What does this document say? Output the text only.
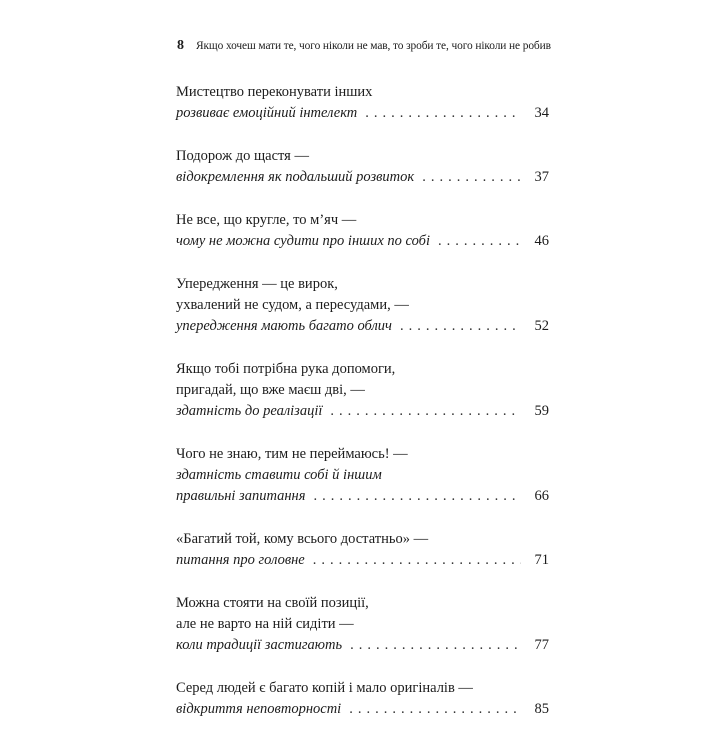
8 Якщо хочеш мати те, чого ніколи не мав, то зроби те, чого ніколи не робив
Мистецтво переконувати інших
розвиває емоційний інтелект .....	34
Подорож до щастя —
відокремлення як подальший розвиток .....	37
Не все, що кругле, то м’яч —
чому не можна судити про інших по собі .....	46
Упередження — це вирок,
ухвалений не судом, а пересудами, —
упередження мають багато облич .....	52
Якщо тобі потрібна рука допомоги,
пригадай, що вже маєш дві, —
здатність до реалізації .....	59
Чого не знаю, тим не переймаюсь! —
здатність ставити собі й іншим
правильні запитання .....	66
«Багатий той, кому всього достатньо» —
питання про головне .....	71
Можна стояти на своїй позиції,
але не варто на ній сидіти —
коли традиції застигають .....	77
Серед людей є багато копій і мало оригіналів —
відкриття неповторності .....	85
